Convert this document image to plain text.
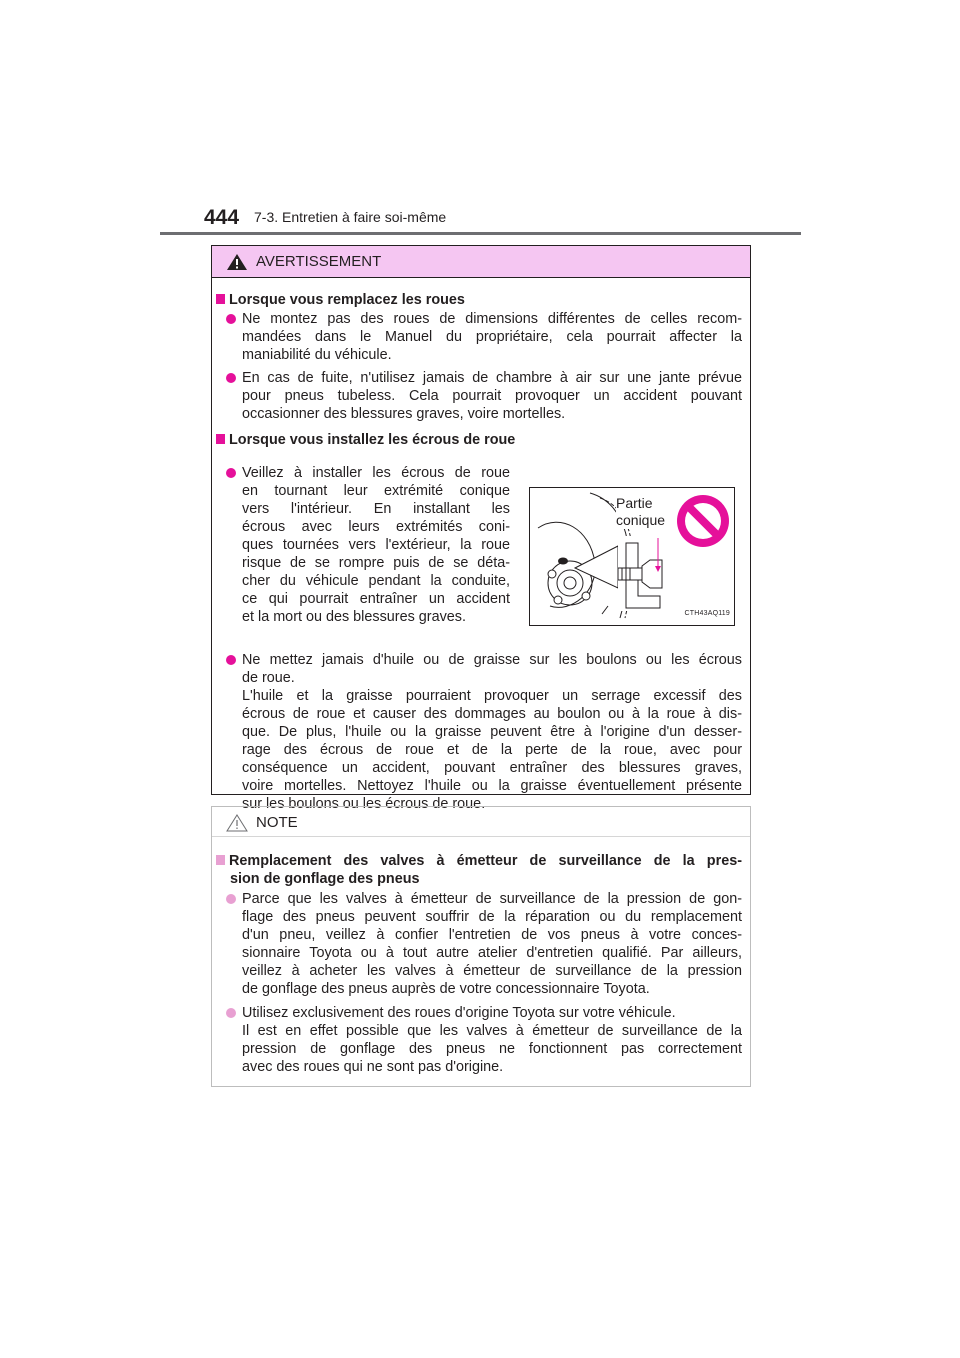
444 7-3. Entretien à faire soi-même
AVERTISSEMENT
Lorsque vous remplacez les roues
Ne montez pas des roues de dimensions différentes de celles recom-
mandées dans le Manuel du propriétaire, cela pourrait affecter la
maniabilité du véhicule.
En cas de fuite, n'utilisez jamais de chambre à air sur une jante prévue
pour pneus tubeless. Cela pourrait provoquer un accident pouvant
occasionner des blessures graves, voire mortelles.
Lorsque vous installez les écrous de roue
Veillez à installer les écrous de roue
en tournant leur extrémité conique
vers l'intérieur. En installant les
écrous avec leurs extrémités coni-
ques tournées vers l'extérieur, la roue
risque de se rompre puis de se déta-
cher du véhicule pendant la conduite,
ce qui pourrait entraîner un accident
et la mort ou des blessures graves.
Partie
conique
CTH43AQ119
Ne mettez jamais d'huile ou de graisse sur les boulons ou les écrous
de roue.
L'huile et la graisse pourraient provoquer un serrage excessif des
écrous de roue et causer des dommages au boulon ou à la roue à dis-
que. De plus, l'huile ou la graisse peuvent être à l'origine d'un desser-
rage des écrous de roue et de la perte de la roue, avec pour
conséquence un accident, pouvant entraîner des blessures graves,
voire mortelles. Nettoyez l'huile ou la graisse éventuellement présente
sur les boulons ou les écrous de roue.
NOTE
Remplacement des valves à émetteur de surveillance de la pres-
sion de gonflage des pneus
Parce que les valves à émetteur de surveillance de la pression de gon-
flage des pneus peuvent souffrir de la réparation ou du remplacement
d'un pneu, veillez à confier l'entretien de vos pneus à votre conces-
sionnaire Toyota ou à tout autre atelier d'entretien qualifié. Par ailleurs,
veillez à acheter les valves à émetteur de surveillance de la pression
de gonflage des pneus auprès de votre concessionnaire Toyota.
Utilisez exclusivement des roues d'origine Toyota sur votre véhicule.
Il est en effet possible que les valves à émetteur de surveillance de la
pression de gonflage des pneus ne fonctionnent pas correctement
avec des roues qui ne sont pas d'origine.
